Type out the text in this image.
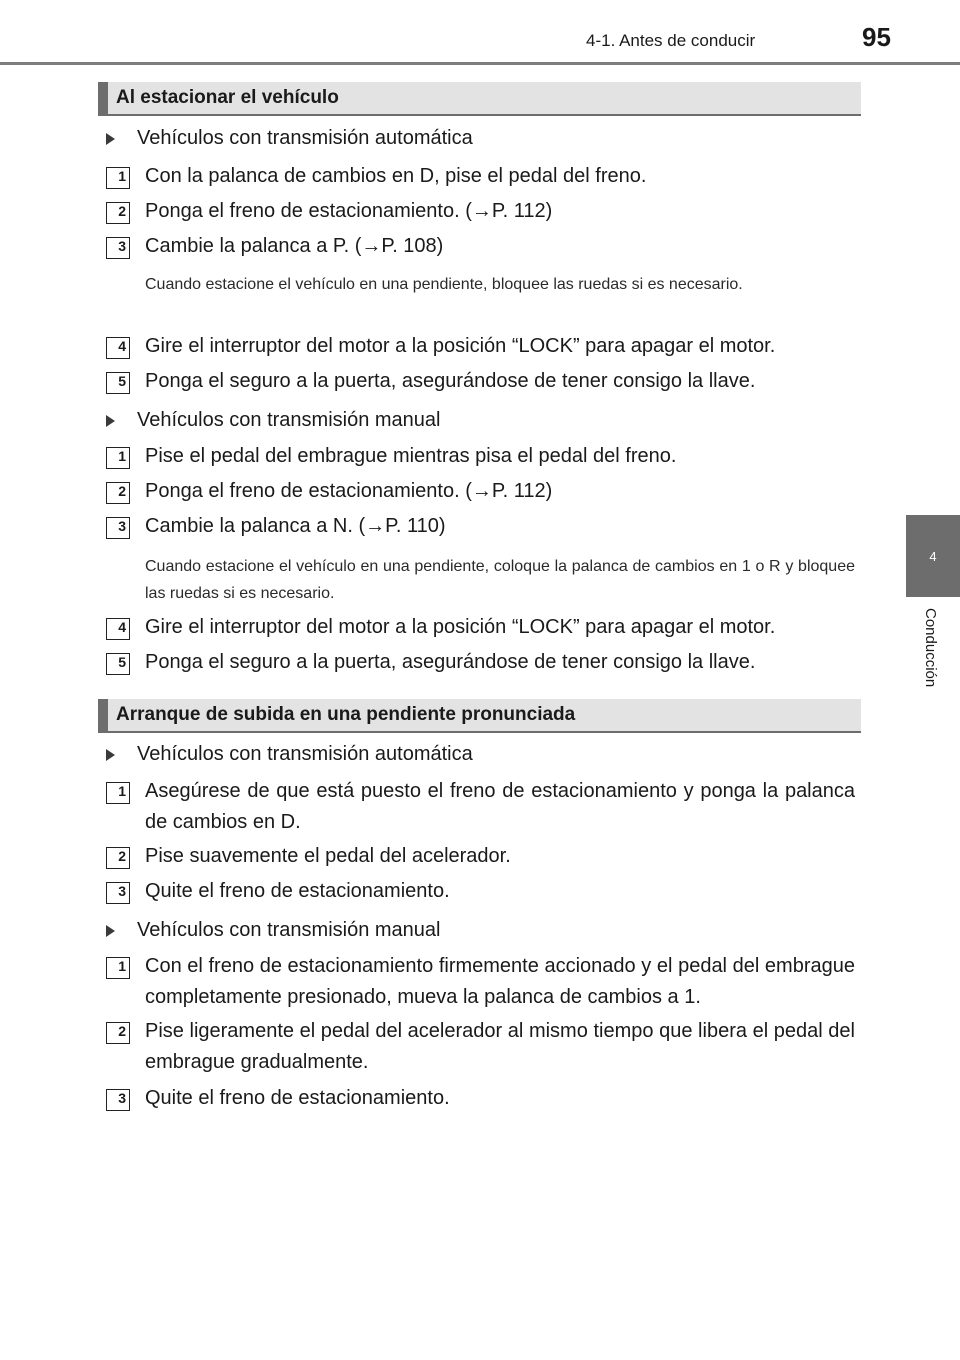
4-1. Antes de conducir	95
4
Conducción
Al estacionar el vehículo
Vehículos con transmisión automática
1 Con la palanca de cambios en D, pise el pedal del freno.
2 Ponga el freno de estacionamiento. (→P. 112)
3 Cambie la palanca a P. (→P. 108)
Cuando estacione el vehículo en una pendiente, bloquee las ruedas si es necesario.
4 Gire el interruptor del motor a la posición “LOCK” para apagar el motor.
5 Ponga el seguro a la puerta, asegurándose de tener consigo la llave.
Vehículos con transmisión manual
1 Pise el pedal del embrague mientras pisa el pedal del freno.
2 Ponga el freno de estacionamiento. (→P. 112)
3 Cambie la palanca a N. (→P. 110)
Cuando estacione el vehículo en una pendiente, coloque la palanca de cambios en 1 o R y bloquee las ruedas si es necesario.
4 Gire el interruptor del motor a la posición “LOCK” para apagar el motor.
5 Ponga el seguro a la puerta, asegurándose de tener consigo la llave.
Arranque de subida en una pendiente pronunciada
Vehículos con transmisión automática
1 Asegúrese de que está puesto el freno de estacionamiento y ponga la palanca de cambios en D.
2 Pise suavemente el pedal del acelerador.
3 Quite el freno de estacionamiento.
Vehículos con transmisión manual
1 Con el freno de estacionamiento firmemente accionado y el pedal del embrague completamente presionado, mueva la palanca de cambios a 1.
2 Pise ligeramente el pedal del acelerador al mismo tiempo que libera el pedal del embrague gradualmente.
3 Quite el freno de estacionamiento.
